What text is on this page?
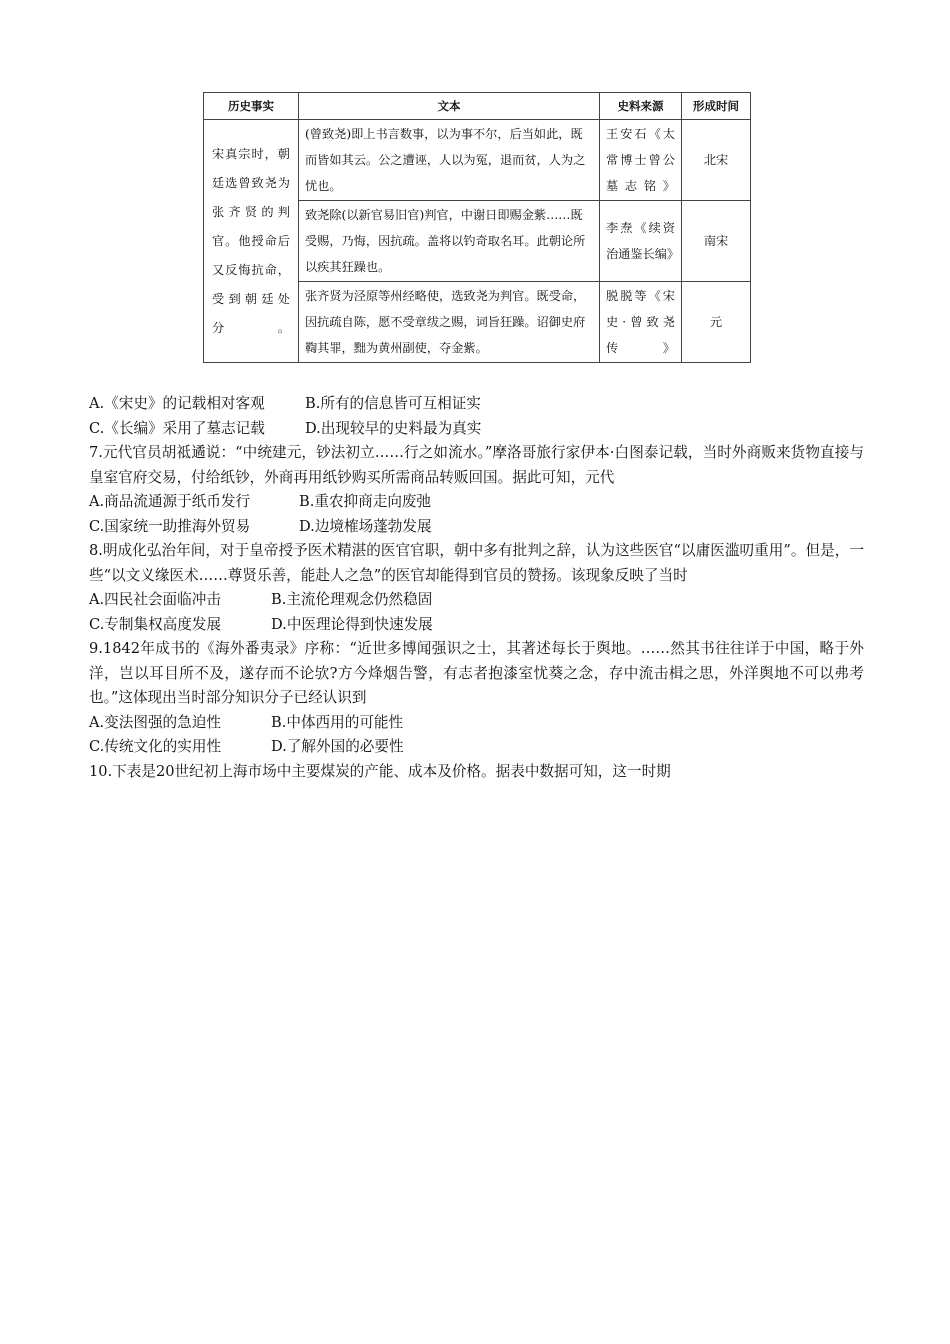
历史事实	文本	史料来源	形成时间
宋真宗时，朝廷选曾致尧为张齐贤的判官。他授命后又反悔抗命，受到朝廷处分。	(曾致尧)即上书言数事，以为事不尔，后当如此，既而皆如其云。公之遭诬，人以为冤，退而贫，人为之忧也。	王安石《太常博士曾公墓志铭》	北宋
	致尧除(以新官易旧官)判官，中谢日即赐金紫……既受赐，乃悔，因抗疏。盖将以钓奇取名耳。此朝论所以疾其狂躁也。	李焘《续资治通鉴长编》	南宋
	张齐贤为泾原等州经略使，选致尧为判官。既受命，因抗疏自陈，愿不受章绂之赐，词旨狂躁。诏御史府鞫其罪，黜为黄州副使，夺金紫。	脱脱等《宋史·曾致尧传》	元
A.《宋史》的记载相对客观	B.所有的信息皆可互相证实
C.《长编》采用了墓志记载	D.出现较早的史料最为真实
7.元代官员胡祗遹说：“中统建元，钞法初立……行之如流水。”摩洛哥旅行家伊本·白图泰记载，当时外商贩来货物直接与皇室官府交易，付给纸钞，外商再用纸钞购买所需商品转贩回国。据此可知，元代
A.商品流通源于纸币发行	B.重农抑商走向废弛
C.国家统一助推海外贸易	D.边境榷场蓬勃发展
8.明成化弘治年间，对于皇帝授予医术精湛的医官官职，朝中多有批判之辞，认为这些医官“以庸医滥叨重用”。但是，一些“以文义缘医术……尊贤乐善，能赴人之急”的医官却能得到官员的赞扬。该现象反映了当时
A.四民社会面临冲击	B.主流伦理观念仍然稳固
C.专制集权高度发展	D.中医理论得到快速发展
9.1842年成书的《海外番夷录》序称：“近世多博闻强识之士，其著述每长于舆地。……然其书往往详于中国，略于外洋，岂以耳目所不及，遂存而不论欤?方今烽烟告警，有志者抱漆室忧葵之念，存中流击楫之思，外洋舆地不可以弗考也。”这体现出当时部分知识分子已经认识到
A.变法图强的急迫性	B.中体西用的可能性
C.传统文化的实用性	D.了解外国的必要性
10.下表是20世纪初上海市场中主要煤炭的产能、成本及价格。据表中数据可知，这一时期
